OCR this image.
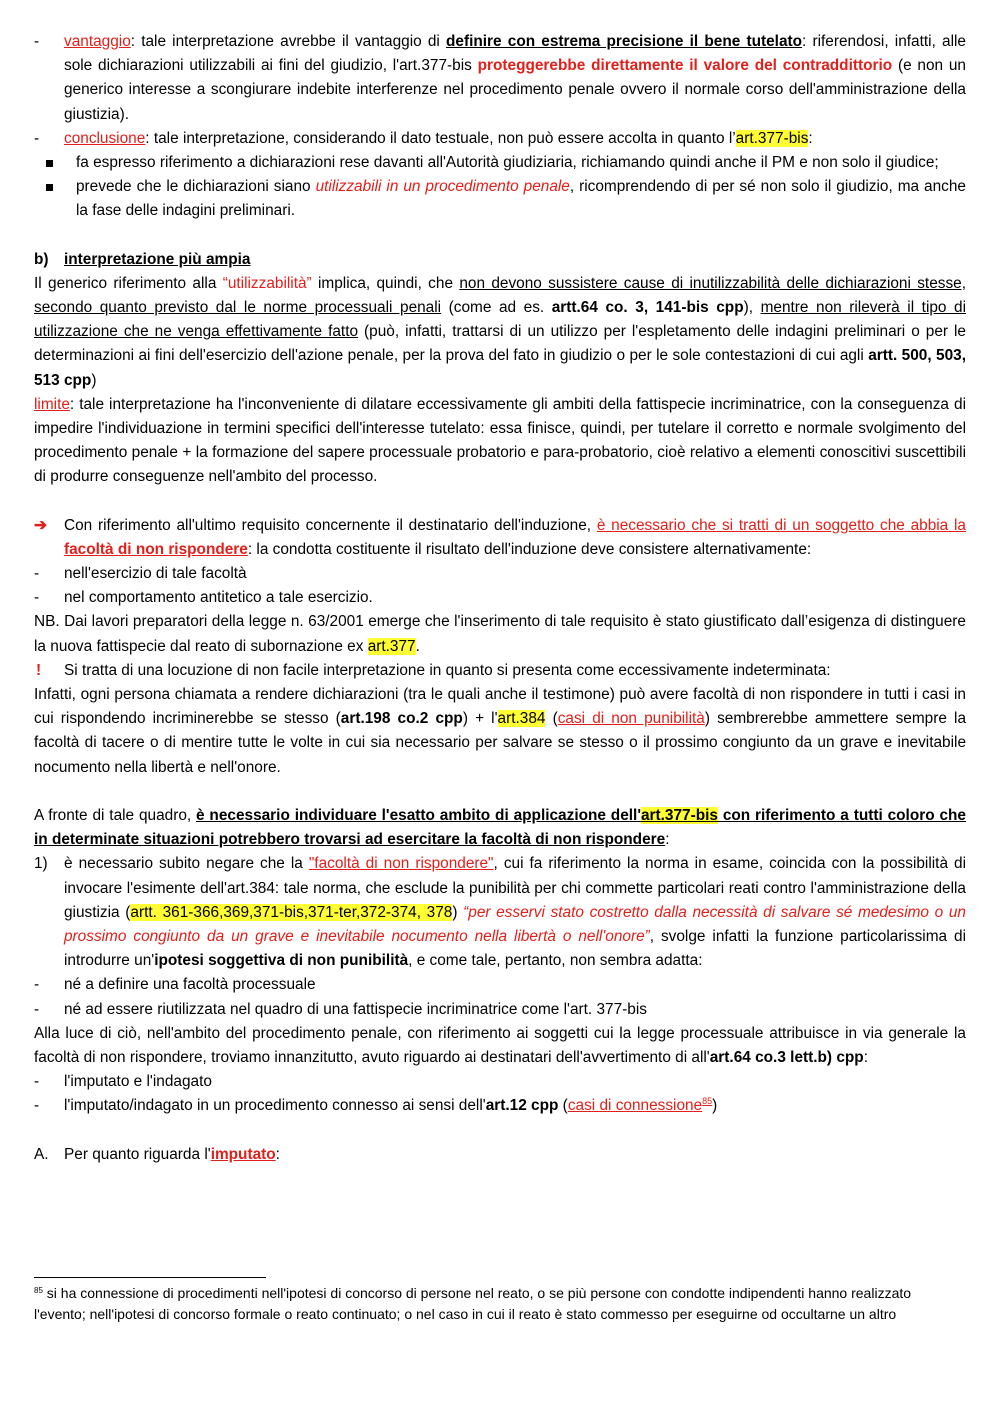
-	vantaggio: tale interpretazione avrebbe il vantaggio di definire con estrema precisione il bene tutelato: riferendosi, infatti, alle sole dichiarazioni utilizzabili ai fini del giudizio, l'art.377-bis proteggerebbe direttamente il valore del contraddittorio (e non un generico interesse a scongiurare indebite interferenze nel procedimento penale ovvero il normale corso dell'amministrazione della giustizia).
-	conclusione: tale interpretazione, considerando il dato testuale, non può essere accolta in quanto l’art.377-bis:
fa espresso riferimento a dichiarazioni rese davanti all'Autorità giudiziaria, richiamando quindi anche il PM e non solo il giudice;
prevede che le dichiarazioni siano utilizzabili in un procedimento penale, ricomprendendo di per sé non solo il giudizio, ma anche la fase delle indagini preliminari.
b)	interpretazione più ampia

Il generico riferimento alla “utilizzabilità” implica, quindi, che non devono sussistere cause di inutilizzabilità delle dichiarazioni stesse, secondo quanto previsto dal le norme processuali penali (come ad es. artt.64 co. 3, 141-bis cpp), mentre non rileverà il tipo di utilizzazione che ne venga effettivamente fatto (può, infatti, trattarsi di un utilizzo per l'espletamento delle indagini preliminari o per le determinazioni ai fini dell'esercizio dell'azione penale, per la prova del fato in giudizio o per le sole contestazioni di cui agli artt. 500, 503, 513 cpp)

limite: tale interpretazione ha l'inconveniente di dilatare eccessivamente gli ambiti della fattispecie incriminatrice, con la conseguenza di impedire l'individuazione in termini specifici dell'interesse tutelato: essa finisce, quindi, per tutelare il corretto e normale svolgimento del procedimento penale + la formazione del sapere processuale probatorio e para-probatorio, cioè relativo a elementi conoscitivi suscettibili di produrre conseguenze nell'ambito del processo.

➔	Con riferimento all'ultimo requisito concernente il destinatario dell'induzione, è necessario che si tratti di un soggetto che abbia la facoltà di non rispondere: la condotta costituente il risultato dell'induzione deve consistere alternativamente:
-	nell'esercizio di tale facoltà
-	nel comportamento antitetico a tale esercizio.

NB. Dai lavori preparatori della legge n. 63/2001 emerge che l'inserimento di tale requisito è stato giustificato dall’esigenza di distinguere la nuova fattispecie dal reato di subornazione ex art.377.

!	Si tratta di una locuzione di non facile interpretazione in quanto si presenta come eccessivamente indeterminata:

Infatti, ogni persona chiamata a rendere dichiarazioni (tra le quali anche il testimone) può avere facoltà di non rispondere in tutti i casi in cui rispondendo incriminerebbe se stesso (art.198 co.2 cpp) + l'art.384 (casi di non punibilità) sembrerebbe ammettere sempre la facoltà di tacere o di mentire tutte le volte in cui sia necessario per salvare se stesso o il prossimo congiunto da un grave e inevitabile nocumento nella libertà e nell'onore.

A fronte di tale quadro, è necessario individuare l'esatto ambito di applicazione dell'art.377-bis con riferimento a tutti coloro che in determinate situazioni potrebbero trovarsi ad esercitare la facoltà di non rispondere:

1)	è necessario subito negare che la "facoltà di non rispondere", cui fa riferimento la norma in esame, coincida con la possibilità di invocare l'esimente dell'art.384: tale norma, che esclude la punibilità per chi commette particolari reati contro l'amministrazione della giustizia (artt. 361-366,369,371-bis,371-ter,372-374, 378) “per esservi stato costretto dalla necessità di salvare sé medesimo o un prossimo congiunto da un grave e inevitabile nocumento nella libertà o nell'onore”, svolge infatti la funzione particolarissima di introdurre un'ipotesi soggettiva di non punibilità, e come tale, pertanto, non sembra adatta:
-	né a definire una facoltà processuale
-	né ad essere riutilizzata nel quadro di una fattispecie incriminatrice come l'art. 377-bis

Alla luce di ciò, nell'ambito del procedimento penale, con riferimento ai soggetti cui la legge processuale attribuisce in via generale la facoltà di non rispondere, troviamo innanzitutto, avuto riguardo ai destinatari dell'avvertimento di all'art.64 co.3 lett.b) cpp:

-	l'imputato e l'indagato
-	l'imputato/indagato in un procedimento connesso ai sensi dell'art.12 cpp (casi di connessione$^{85}$)
A.	Per quanto riguarda l'imputato:
$^{85}$ si ha connessione di procedimenti nell'ipotesi di concorso di persone nel reato, o se più persone con condotte indipendenti hanno realizzato l'evento; nell'ipotesi di concorso formale o reato continuato; o nel caso in cui il reato è stato commesso per eseguirne od occultarne un altro
